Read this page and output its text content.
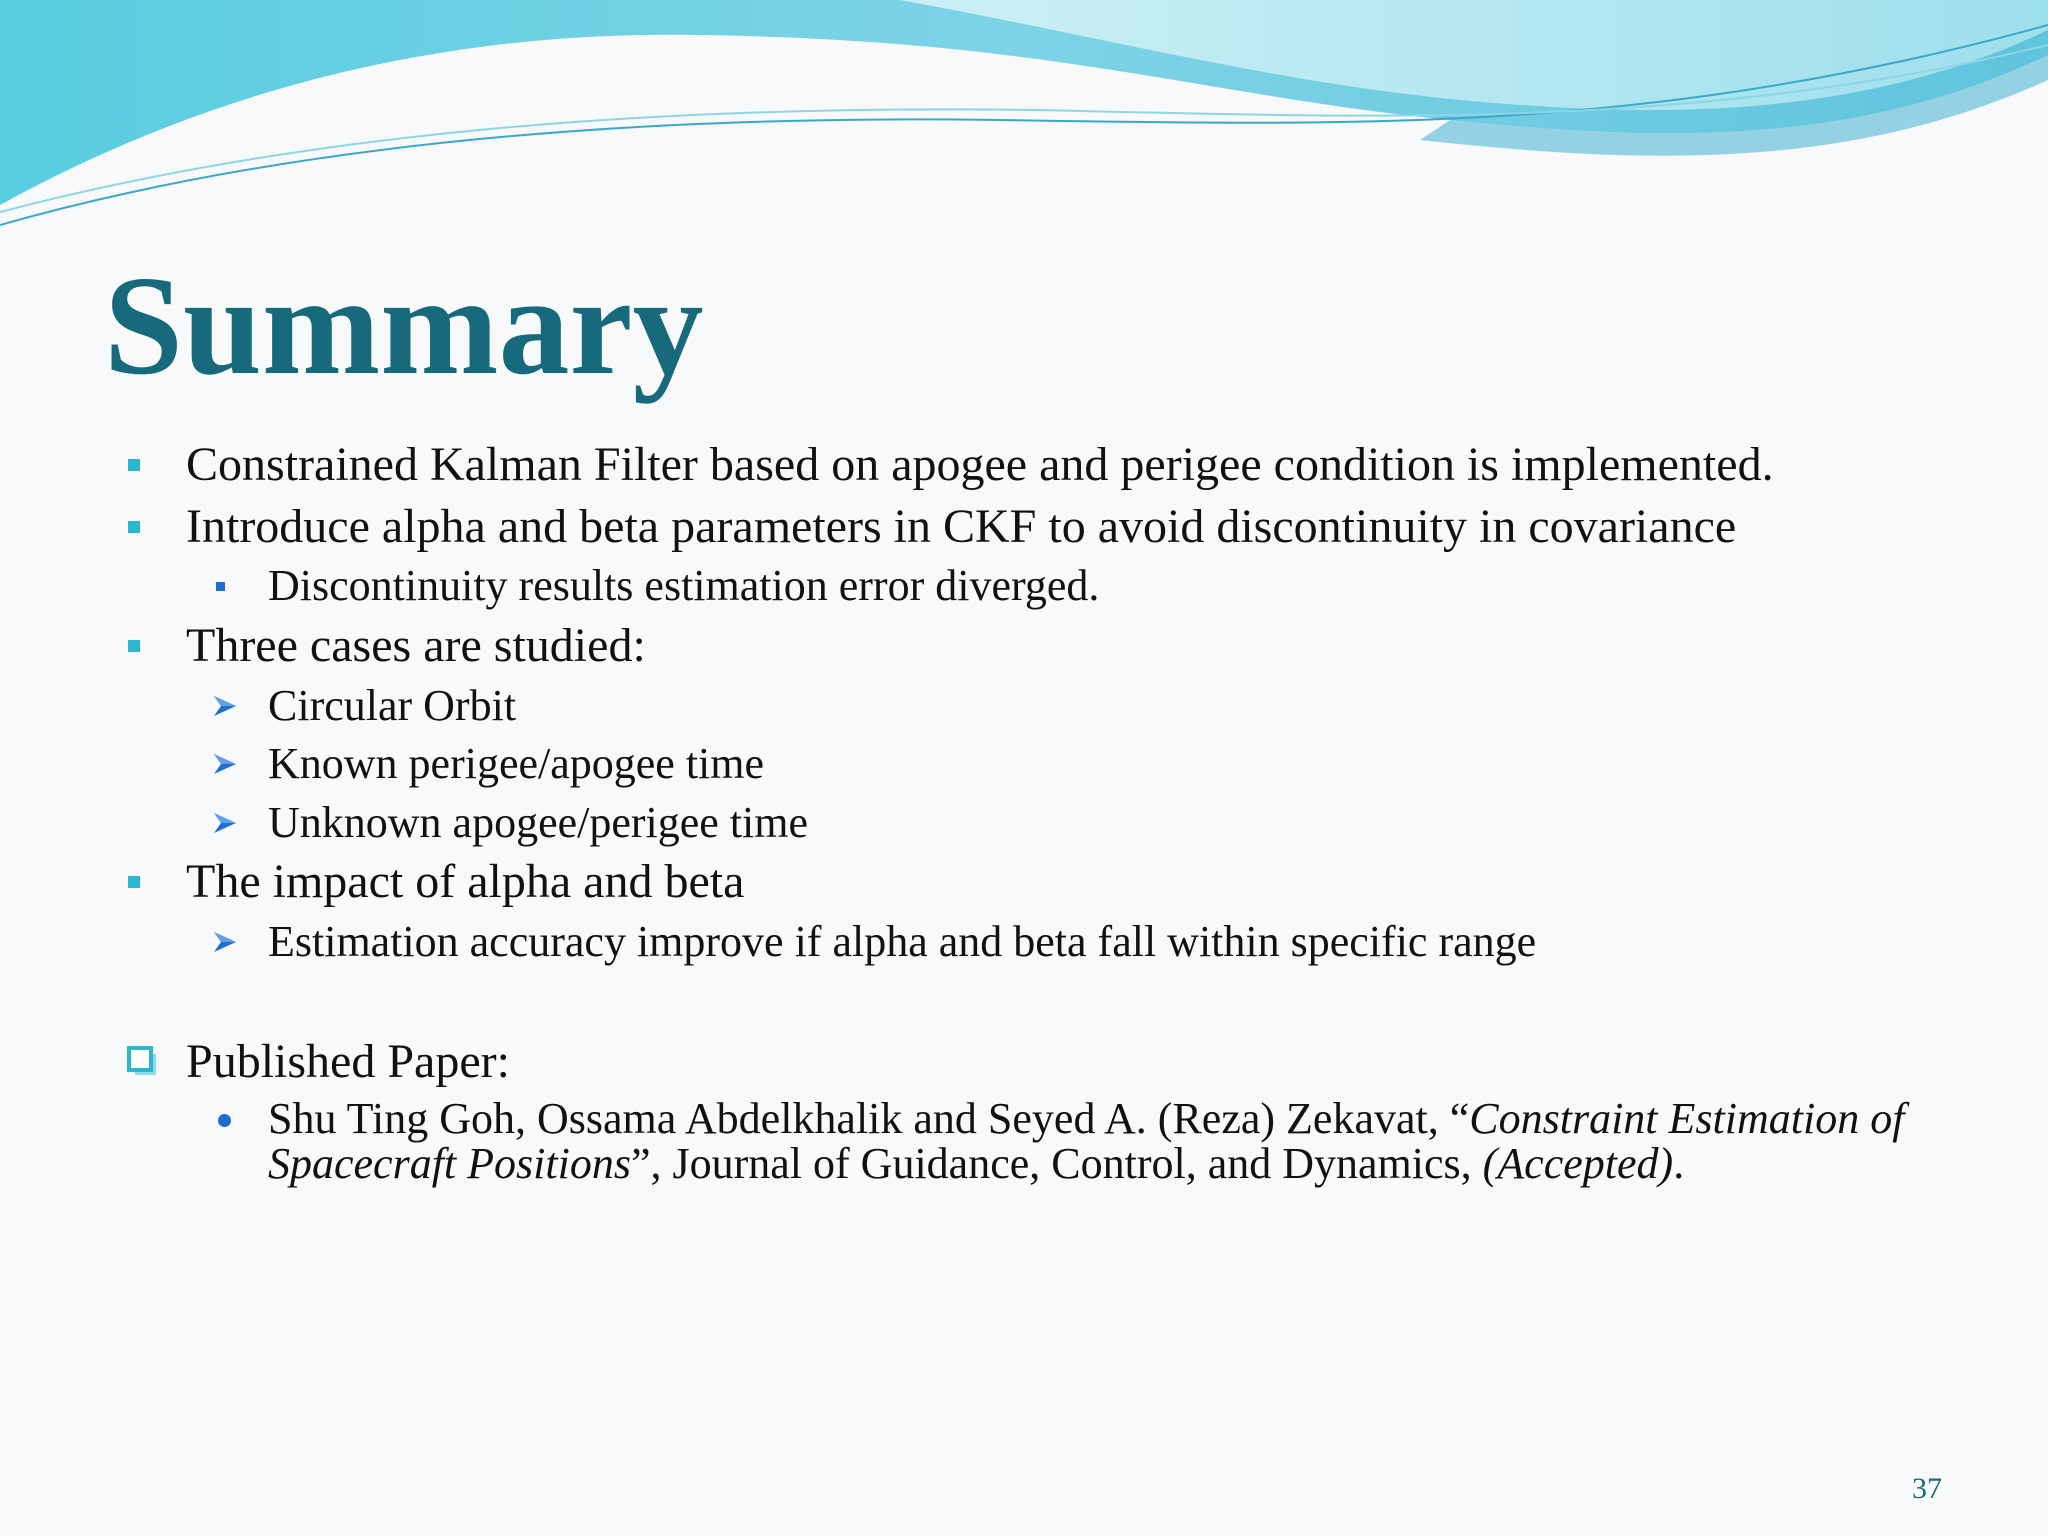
Summary
Constrained Kalman Filter based on apogee and perigee condition is implemented.
Introduce alpha and beta parameters in CKF to avoid discontinuity in covariance
Discontinuity results estimation error diverged.
Three cases are studied:
Circular Orbit
Known perigee/apogee time
Unknown apogee/perigee time
The impact of alpha and beta
Estimation accuracy improve if alpha and beta fall within specific range
Published Paper:
Shu Ting Goh, Ossama Abdelkhalik and Seyed A. (Reza) Zekavat, “Constraint Estimation of Spacecraft Positions”, Journal of Guidance, Control, and Dynamics, (Accepted).
37
